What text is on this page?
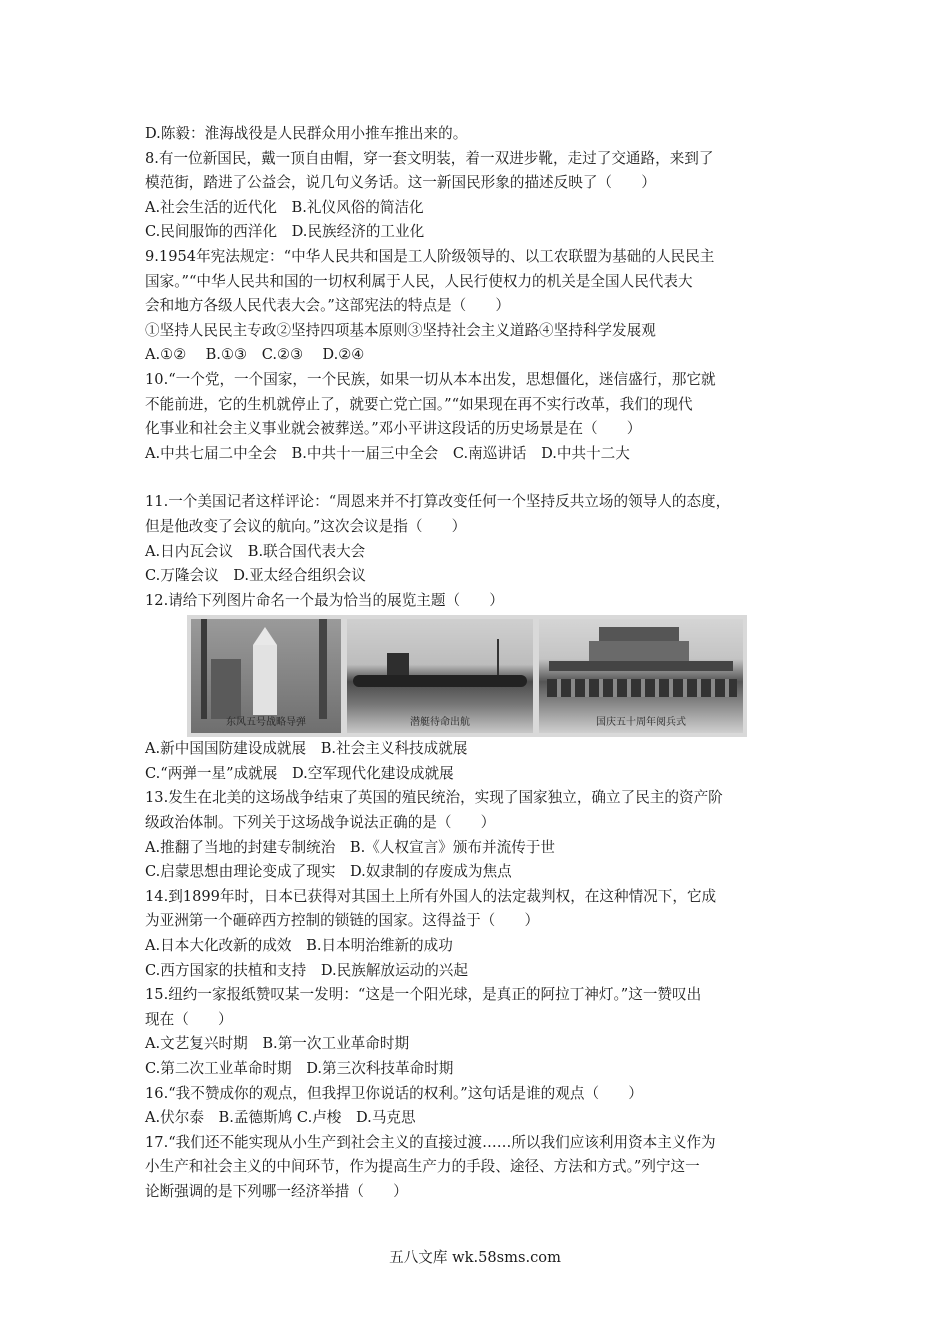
D.陈毅：淮海战役是人民群众用小推车推出来的。
8.有一位新国民，戴一顶自由帽，穿一套文明装，着一双进步靴，走过了交通路，来到了
模范街，踏进了公益会，说几句义务话。这一新国民形象的描述反映了（　　）
A.社会生活的近代化　B.礼仪风俗的简洁化
C.民间服饰的西洋化　D.民族经济的工业化
9.1954年宪法规定：“中华人民共和国是工人阶级领导的、以工农联盟为基础的人民民主
国家。”“中华人民共和国的一切权利属于人民，人民行使权力的机关是全国人民代表大
会和地方各级人民代表大会。”这部宪法的特点是（　　）
①坚持人民民主专政②坚持四项基本原则③坚持社会主义道路④坚持科学发展观
A.①②　 B.①③　C.②③　 D.②④
10.“一个党，一个国家，一个民族，如果一切从本本出发，思想僵化，迷信盛行，那它就
不能前进，它的生机就停止了，就要亡党亡国。”“如果现在再不实行改革，我们的现代
化事业和社会主义事业就会被葬送。”邓小平讲这段话的历史场景是在（　　）
A.中共七届二中全会　B.中共十一届三中全会　C.南巡讲话　D.中共十二大
11.一个美国记者这样评论：“周恩来并不打算改变任何一个坚持反共立场的领导人的态度，
但是他改变了会议的航向。”这次会议是指（　　）
A.日内瓦会议　B.联合国代表大会
C.万隆会议　D.亚太经合组织会议
12.请给下列图片命名一个最为恰当的展览主题（　　）
东风五号战略导弹	潜艇待命出航	国庆五十周年阅兵式
A.新中国国防建设成就展　B.社会主义科技成就展
C.“两弹一星”成就展　D.空军现代化建设成就展
13.发生在北美的这场战争结束了英国的殖民统治，实现了国家独立，确立了民主的资产阶
级政治体制。下列关于这场战争说法正确的是（　　）
A.推翻了当地的封建专制统治　B.《人权宣言》颁布并流传于世
C.启蒙思想由理论变成了现实　D.奴隶制的存废成为焦点
14.到1899年时，日本已获得对其国土上所有外国人的法定裁判权，在这种情况下，它成
为亚洲第一个砸碎西方控制的锁链的国家。这得益于（　　）
A.日本大化改新的成效　B.日本明治维新的成功
C.西方国家的扶植和支持　D.民族解放运动的兴起
15.纽约一家报纸赞叹某一发明：“这是一个阳光球，是真正的阿拉丁神灯。”这一赞叹出
现在（　　）
A.文艺复兴时期　B.第一次工业革命时期
C.第二次工业革命时期　D.第三次科技革命时期
16.“我不赞成你的观点，但我捍卫你说话的权利。”这句话是谁的观点（　　）
A.伏尔泰　B.孟德斯鸠 C.卢梭　D.马克思
17.“我们还不能实现从小生产到社会主义的直接过渡……所以我们应该利用资本主义作为
小生产和社会主义的中间环节，作为提高生产力的手段、途径、方法和方式。”列宁这一
论断强调的是下列哪一经济举措（　　）
五八文库 wk.58sms.com
